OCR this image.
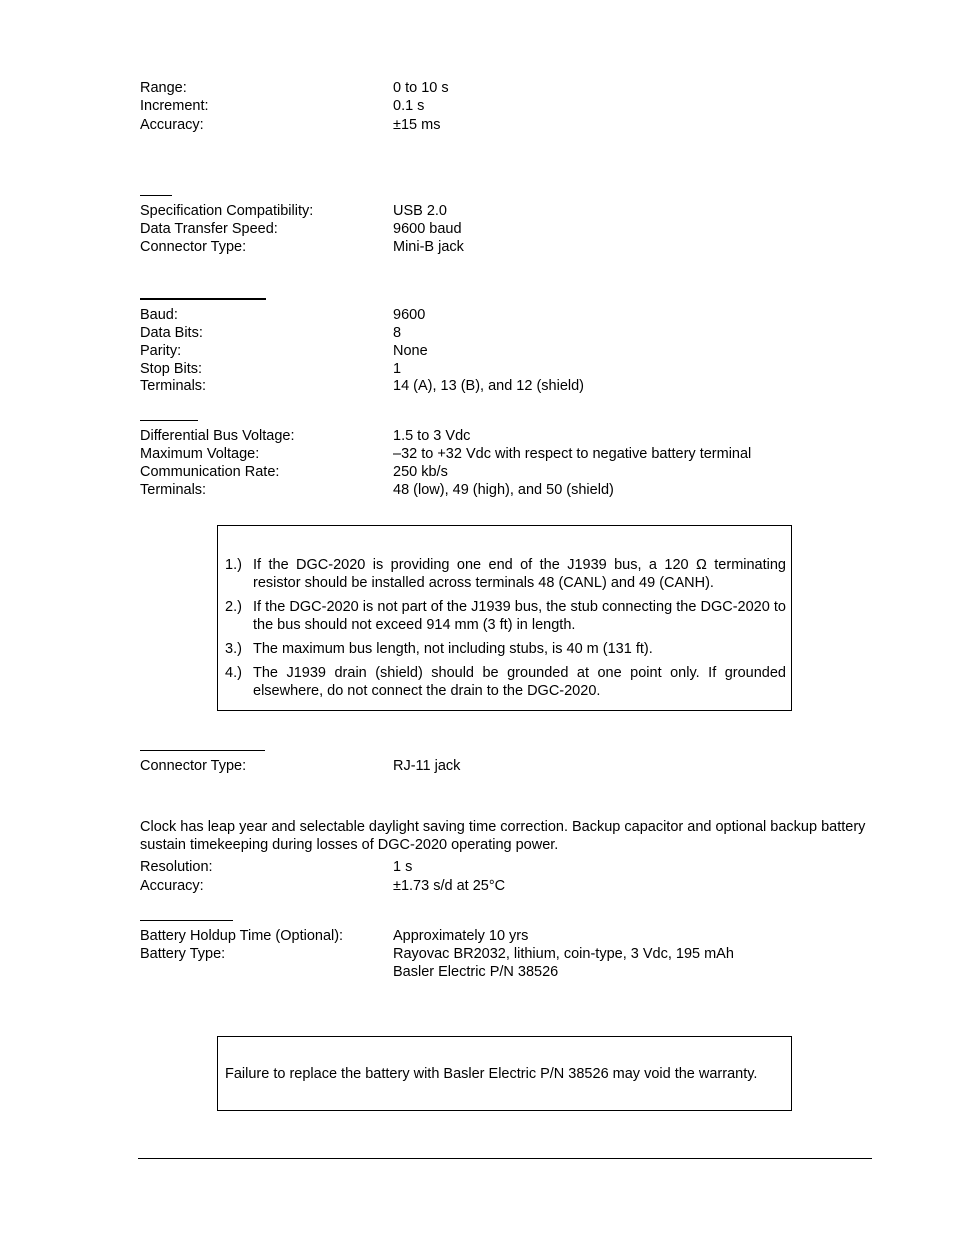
Range:	0 to 10 s
Increment:	0.1 s
Accuracy:	±15 ms
Specification Compatibility:	USB 2.0
Data Transfer Speed:	9600 baud
Connector Type:	Mini-B jack
Baud:	9600
Data Bits:	8
Parity:	None
Stop Bits:	1
Terminals:	14 (A), 13 (B), and 12 (shield)
Differential Bus Voltage:	1.5 to 3 Vdc
Maximum Voltage:	–32 to +32 Vdc with respect to negative battery terminal
Communication Rate:	250 kb/s
Terminals:	48 (low), 49 (high), and 50 (shield)
1.) If the DGC-2020 is providing one end of the J1939 bus, a 120 Ω terminating resistor should be installed across terminals 48 (CANL) and 49 (CANH).
2.) If the DGC-2020 is not part of the J1939 bus, the stub connecting the DGC-2020 to the bus should not exceed 914 mm (3 ft) in length.
3.) The maximum bus length, not including stubs, is 40 m (131 ft).
4.) The J1939 drain (shield) should be grounded at one point only. If grounded elsewhere, do not connect the drain to the DGC-2020.
Connector Type:	RJ-11 jack
Clock has leap year and selectable daylight saving time correction. Backup capacitor and optional backup battery sustain timekeeping during losses of DGC-2020 operating power.
Resolution:	1 s
Accuracy:	±1.73 s/d at 25°C
Battery Holdup Time (Optional):	Approximately 10 yrs
Battery Type:	Rayovac BR2032, lithium, coin-type, 3 Vdc, 195 mAh
Basler Electric P/N 38526
Failure to replace the battery with Basler Electric P/N 38526 may void the warranty.
